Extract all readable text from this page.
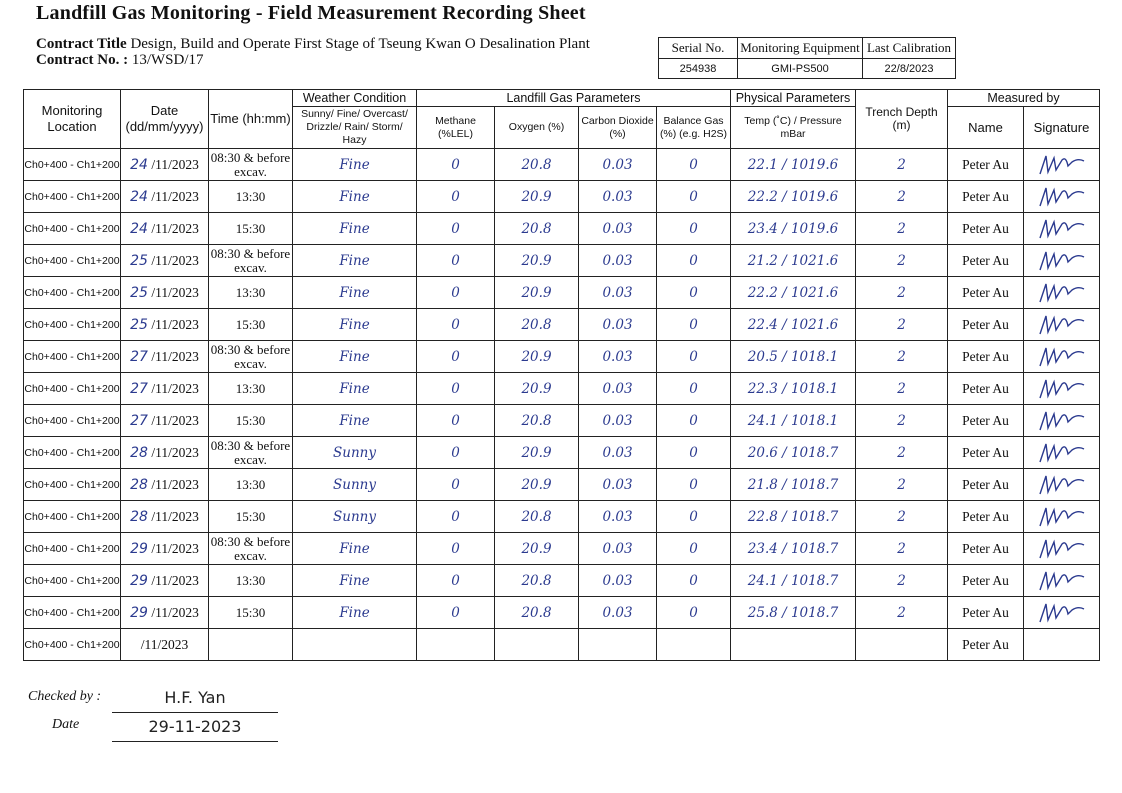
Landfill Gas Monitoring - Field Measurement Recording Sheet
Contract Title Design, Build and Operate First Stage of Tseung Kwan O Desalination Plant
Contract No. : 13/WSD/17
Serial No.	Monitoring Equipment	Last Calibration
254938	GMI-PS500	22/8/2023
Monitoring Location	Date (dd/mm/yyyy)	Time (hh:mm)	Weather Condition	Landfill Gas Parameters				Physical Parameters	Trench Depth (m)	Measured by	
			Sunny/ Fine/ Overcast/ Drizzle/ Rain/ Storm/ Hazy	Methane (%LEL)	Oxygen (%)	Carbon Dioxide (%)	Balance Gas (%) (e.g. H2S)	Temp (˚C) / Pressure mBar		Name	Signature
Ch0+400 - Ch1+200	24 /11/2023	08:30 & before excav.	Fine	0	20.8	0.03	0	22.1 / 1019.6	2	Peter Au	
Ch0+400 - Ch1+200	24 /11/2023	13:30	Fine	0	20.9	0.03	0	22.2 / 1019.6	2	Peter Au	
Ch0+400 - Ch1+200	24 /11/2023	15:30	Fine	0	20.8	0.03	0	23.4 / 1019.6	2	Peter Au	
Ch0+400 - Ch1+200	25 /11/2023	08:30 & before excav.	Fine	0	20.9	0.03	0	21.2 / 1021.6	2	Peter Au	
Ch0+400 - Ch1+200	25 /11/2023	13:30	Fine	0	20.9	0.03	0	22.2 / 1021.6	2	Peter Au	
Ch0+400 - Ch1+200	25 /11/2023	15:30	Fine	0	20.8	0.03	0	22.4 / 1021.6	2	Peter Au	
Ch0+400 - Ch1+200	27 /11/2023	08:30 & before excav.	Fine	0	20.9	0.03	0	20.5 / 1018.1	2	Peter Au	
Ch0+400 - Ch1+200	27 /11/2023	13:30	Fine	0	20.9	0.03	0	22.3 / 1018.1	2	Peter Au	
Ch0+400 - Ch1+200	27 /11/2023	15:30	Fine	0	20.8	0.03	0	24.1 / 1018.1	2	Peter Au	
Ch0+400 - Ch1+200	28 /11/2023	08:30 & before excav.	Sunny	0	20.9	0.03	0	20.6 / 1018.7	2	Peter Au	
Ch0+400 - Ch1+200	28 /11/2023	13:30	Sunny	0	20.9	0.03	0	21.8 / 1018.7	2	Peter Au	
Ch0+400 - Ch1+200	28 /11/2023	15:30	Sunny	0	20.8	0.03	0	22.8 / 1018.7	2	Peter Au	
Ch0+400 - Ch1+200	29 /11/2023	08:30 & before excav.	Fine	0	20.9	0.03	0	23.4 / 1018.7	2	Peter Au	
Ch0+400 - Ch1+200	29 /11/2023	13:30	Fine	0	20.8	0.03	0	24.1 / 1018.7	2	Peter Au	
Ch0+400 - Ch1+200	29 /11/2023	15:30	Fine	0	20.8	0.03	0	25.8 / 1018.7	2	Peter Au	
Ch0+400 - Ch1+200	/11/2023									Peter Au	
Checked by :	H.F. Yan
Date	29-11-2023
